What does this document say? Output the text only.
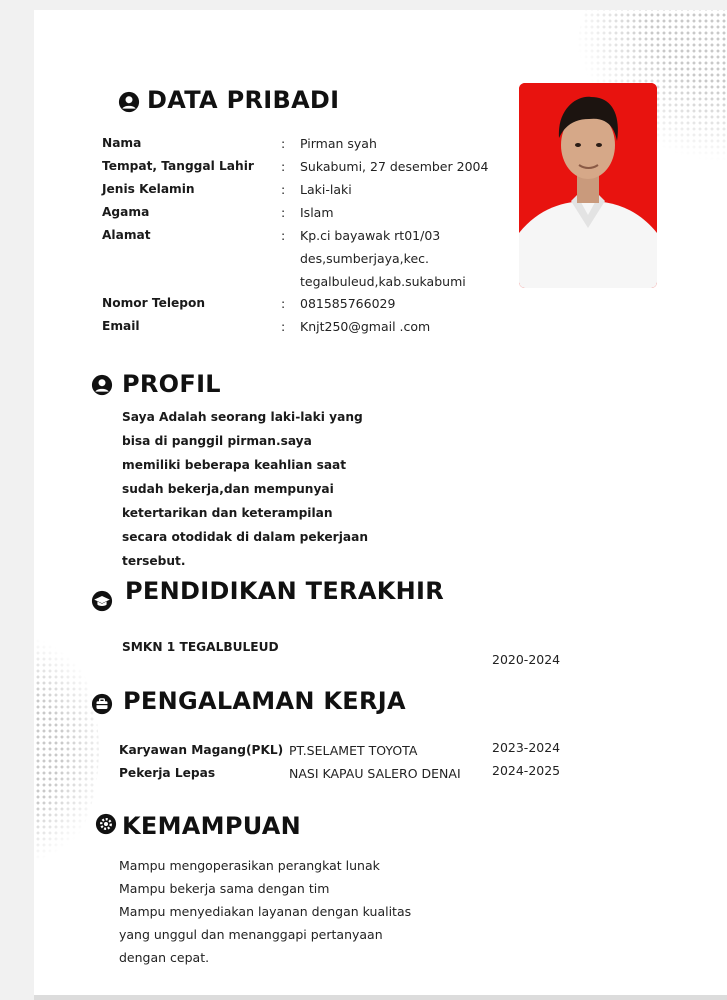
DATA PRIBADI
Nama	: Pirman syah
Tempat, Tanggal Lahir : Sukabumi, 27 desember 2004
Jenis Kelamin	: Laki-laki
Agama	: Islam
Alamat	: Kp.ci bayawak rt01/03
des,sumberjaya,kec.
tegalbuleud,kab.sukabumi
Nomor Telepon	: 081585766029
Email	: Knjt250@gmail .com
PROFIL
Saya Adalah seorang laki-laki yang
bisa di panggil pirman.saya
memiliki beberapa keahlian saat
sudah bekerja,dan mempunyai
ketertarikan dan keterampilan
secara otodidak di dalam pekerjaan
tersebut.
PENDIDIKAN TERAKHIR
SMKN 1 TEGALBULEUD
2020-2024
PENGALAMAN KERJA
Karyawan Magang(PKL) PT.SELAMET TOYOTA	2023-2024
Pekerja Lepas	NASI KAPAU SALERO DENAI	2024-2025
KEMAMPUAN
Mampu mengoperasikan perangkat lunak
Mampu bekerja sama dengan tim
Mampu menyediakan layanan dengan kualitas
yang unggul dan menanggapi pertanyaan
dengan cepat.
